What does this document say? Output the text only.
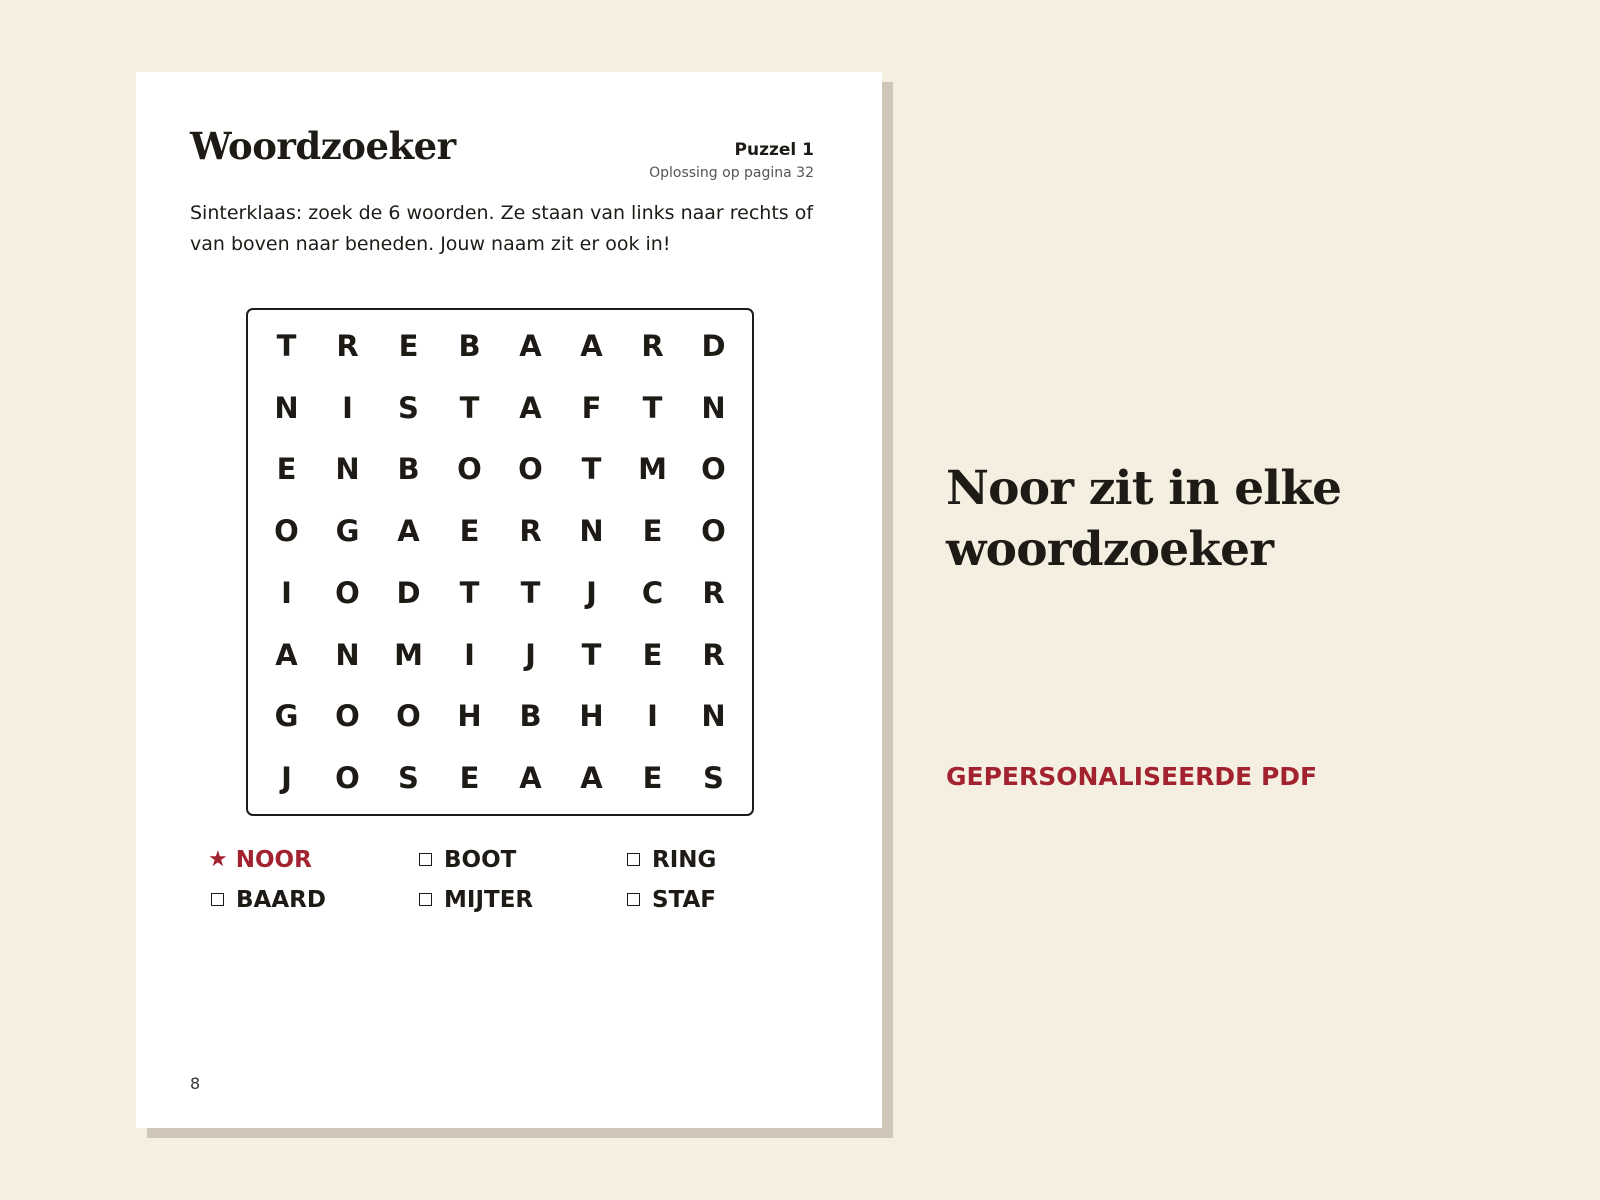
Woordzoeker	Puzzel 1
Oplossing op pagina 32

Sinterklaas: zoek de 6 woorden. Ze staan van links naar rechts of van boven naar beneden. Jouw naam zit er ook in!

T	R	E	B	A	A	R	D
N	I	S	T	A	F	T	N
E	N	B	O	O	T	M	O
O	G	A	E	R	N	E	O
I	O	D	T	T	J	C	R
A	N	M	I	J	T	E	R
G	O	O	H	B	H	I	N
J	O	S	E	A	A	E	S
★ NOOR	BOOT	RING
BAARD	MIJTER	STAF
8
Noor zit in elke woordzoeker
GEPERSONALISEERDE PDF
